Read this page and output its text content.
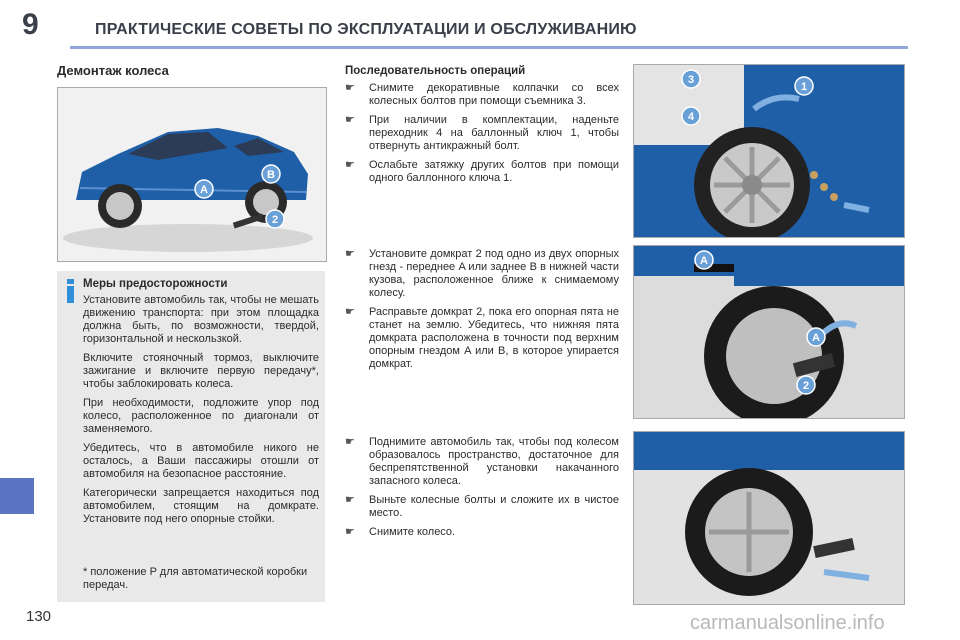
9	ПРАКТИЧЕСКИЕ СОВЕТЫ ПО ЭКСПЛУАТАЦИИ И ОБСЛУЖИВАНИЮ
Демонтаж колеса
A
B
2
Меры предосторожности

Установите автомобиль так, чтобы не мешать движению транспорта: при этом площадка должна быть, по возможности, твердой, горизонтальной и нескользкой.

Включите стояночный тормоз, выключите зажигание и включите первую передачу*, чтобы заблокировать колеса.

При необходимости, подложите упор под колесо, расположенное по диагонали от заменяемого.

Убедитесь, что в автомобиле никого не осталось, а Ваши пассажиры отошли от автомобиля на безопасное расстояние.

Категорически запрещается находиться под автомобилем, стоящим на домкрате. Установите под него опорные стойки.

* положение P для автоматической коробки передач.
Последовательность операций
☛ Снимите декоративные колпачки со всех колесных болтов при помощи съемника 3.
☛ При наличии в комплектации, наденьте переходник 4 на баллонный ключ 1, чтобы отвернуть антикражный болт.
☛ Ослабьте затяжку других болтов при помощи одного баллонного ключа 1.
☛ Установите домкрат 2 под одно из двух опорных гнезд - переднее A или заднее B в нижней части кузова, расположенное ближе к снимаемому колесу.
☛ Расправьте домкрат 2, пока его опорная пята не станет на землю. Убедитесь, что нижняя пята домкрата расположена в точности под верхним опорным гнездом A или B, в которое упирается домкрат.
☛ Поднимите автомобиль так, чтобы под колесом образовалось пространство, достаточное для беспрепятственной установки накачанного запасного колеса.
☛ Выньте колесные болты и сложите их в чистое место.
☛ Снимите колесо.
3
4
1
A
A
2
130	carmanualsonline.info
